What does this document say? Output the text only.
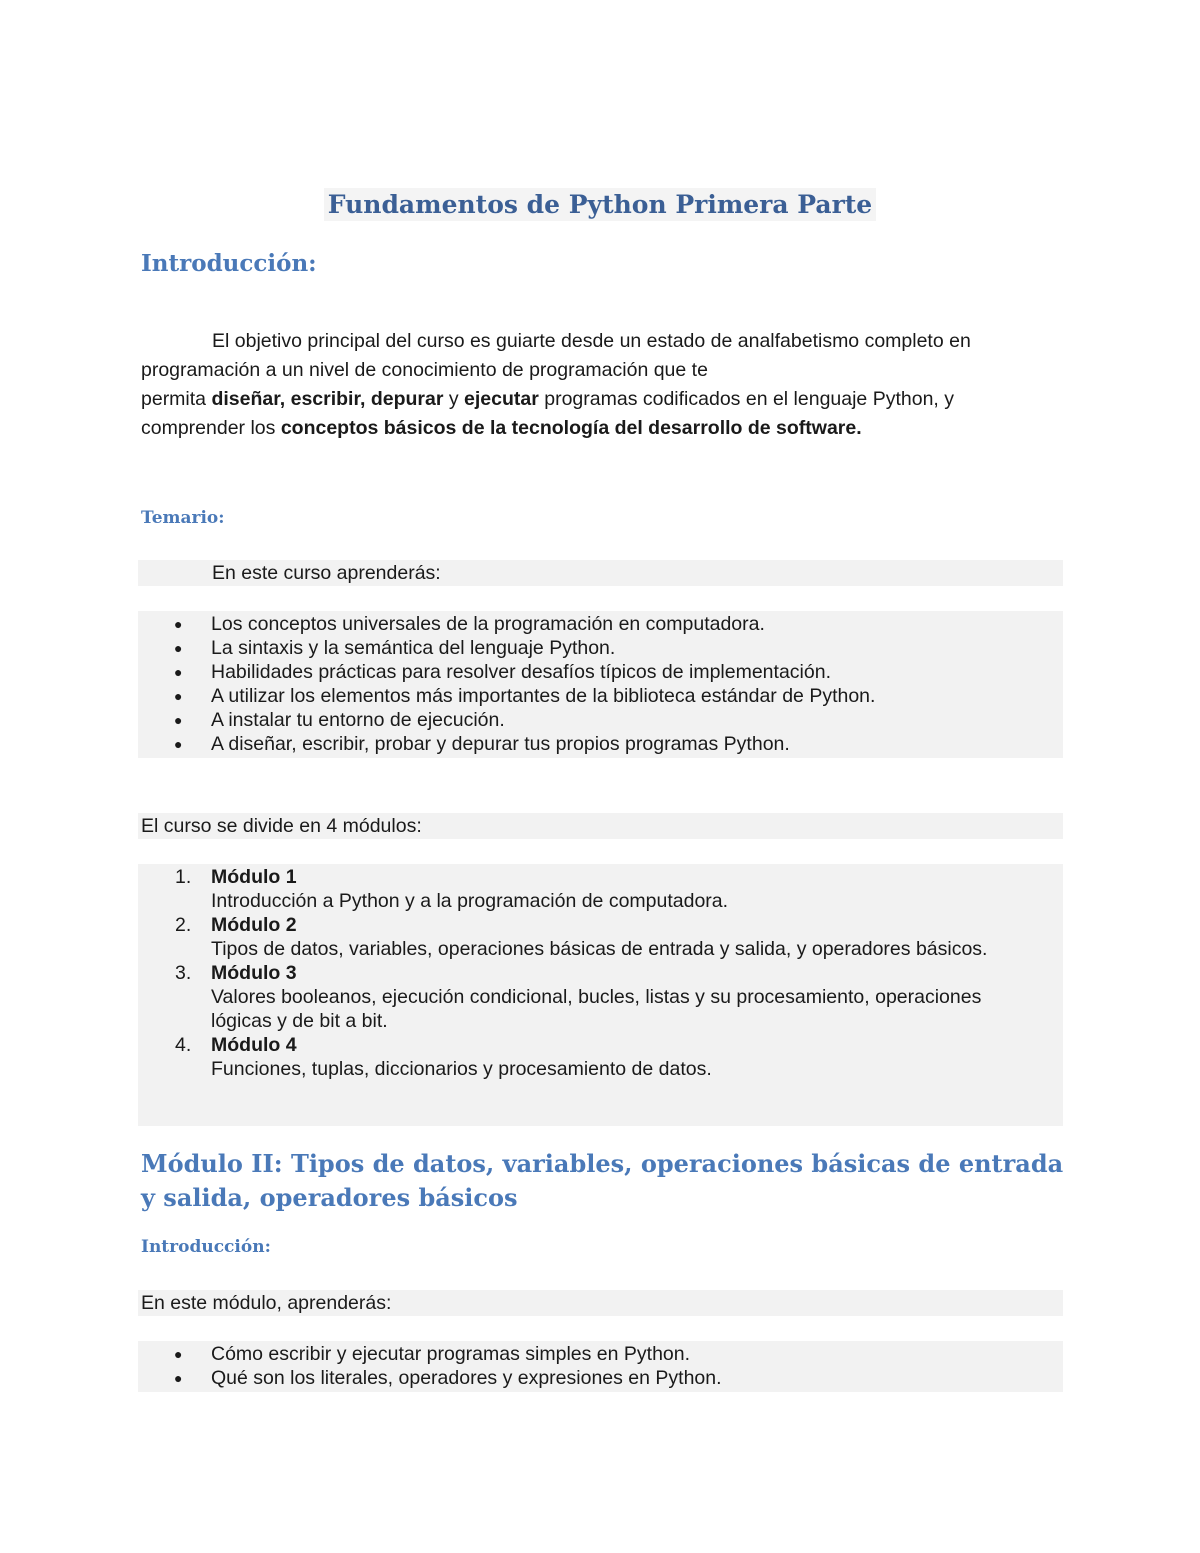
Fundamentos de Python Primera Parte
Introducción:
El objetivo principal del curso es guiarte desde un estado de analfabetismo completo en
programación a un nivel de conocimiento de programación que te
permita diseñar, escribir, depurar y ejecutar programas codificados en el lenguaje Python, y
comprender los conceptos básicos de la tecnología del desarrollo de software.
Temario:
En este curso aprenderás:
● Los conceptos universales de la programación en computadora.
● La sintaxis y la semántica del lenguaje Python.
● Habilidades prácticas para resolver desafíos típicos de implementación.
● A utilizar los elementos más importantes de la biblioteca estándar de Python.
● A instalar tu entorno de ejecución.
● A diseñar, escribir, probar y depurar tus propios programas Python.
El curso se divide en 4 módulos:
1. Módulo 1
Introducción a Python y a la programación de computadora.
2. Módulo 2
Tipos de datos, variables, operaciones básicas de entrada y salida, y operadores básicos.
3. Módulo 3
Valores booleanos, ejecución condicional, bucles, listas y su procesamiento, operaciones
lógicas y de bit a bit.
4. Módulo 4
Funciones, tuplas, diccionarios y procesamiento de datos.
Módulo II: Tipos de datos, variables, operaciones básicas de entrada y salida, operadores básicos
Introducción:
En este módulo, aprenderás:
● Cómo escribir y ejecutar programas simples en Python.
● Qué son los literales, operadores y expresiones en Python.
